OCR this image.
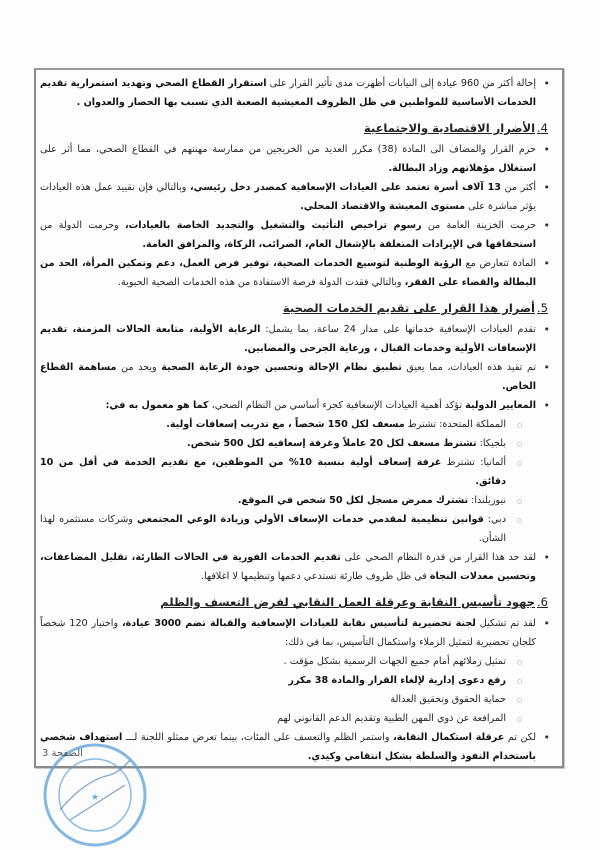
• إحالة أكثر من 960 عيادة إلى النيابات أظهرت مدى تأثير القرار على استقرار القطاع الصحي وتهديد استمرارية تقديم الخدمات الأساسية للمواطنين في ظل الظروف المعيشية الصعبة الذي تسبب بها الحصار والعدوان .
4.الأضرار الاقتصادية والاجتماعية
• حرم القرار والمضاف الى المادة (38) مكرر العديد من الخريجين من ممارسة مهنتهم في القطاع الصحي، مما أثر على استغلال مؤهلاتهم وزاد البطالة.
• أكثر من 13 آلاف أسرة تعتمد على العيادات الإسعافية كمصدر دخل رئيسي، وبالتالي فإن تقييد عمل هذه العيادات يؤثر مباشرة على مستوى المعيشة والاقتصاد المحلي.
• حرمت الخزينة العامة من رسوم تراخيص التأثيث والتشغيل والتجديد الخاصة بالعيادات، وحرمت الدولة من استحقاقها في الإيرادات المتعلقة بالإشغال العام، الضرائب، الزكاة، والمرافق العامة.
• المادة تتعارض مع الرؤية الوطنية لتوسيع الخدمات الصحية، توفير فرص العمل، دعم وتمكين المرأة، الحد من البطالة والقضاء على الفقر، وبالتالي فقدت الدولة فرصة الاستفادة من هذه الخدمات الصحية الحيوية.
5.أضرار هذا القرار على تقديم الخدمات الصحية
• تقدم العيادات الإسعافية خدماتها على مدار 24 ساعة، بما يشمل: الرعاية الأولية، متابعة الحالات المزمنة، تقديم الإسعافات الأولية وخدمات القبال ، ورعاية الجرحى والمصابين.
• تم تقيد هذه العيادات، مما يعيق تطبيق نظام الإحالة وتحسين جودة الرعاية الصحية ويحد من مساهمة القطاع الخاص.
• المعايير الدولية تؤكد أهمية العيادات الإسعافية كجزء أساسي من النظام الصحي، كما هو معمول به في:
○ المملكة المتحدة: تشترط مسعف لكل 150 شخصاً ، مع تدريب إسعافات أولية.
○ بلجيكا: تشترط مسعف لكل 20 عاملاً وغرفة إسعافيه لكل 500 شخص.
○ ألمانيا: تشترط غرفة إسعاف أولية بنسبة 10% من الموظفين، مع تقديم الخدمة في أقل من 10 دقائق.
○ نيوزيلندا: تشترك ممرض مسجل لكل 50 شخص في الموقع.
○ دبي: قوانين تنظيمية لمقدمي خدمات الإسعاف الأولي وزيادة الوعي المجتمعي وشركات مستثمره لهذا الشأن.
• لقد حد هذا القرار من قدرة النظام الصحي على تقديم الخدمات الفورية في الحالات الطارئة، تقليل المضاعفات، وتحسين معدلات النجاة في ظل ظروف طارئة تستدعي دعمها وتنظيمها لا اغلاقها.
6.جهود تأسيس النقابة وعرقلة العمل النقابي لفرض التعسف والظلم
• لقد تم تشكيل لجنة تحضيرية لتأسيس نقابة للعيادات الإسعافية والقبالة تضم 3000 عيادة، واختيار 120 شخصاً كلجان تحضيرية لتمثيل الزملاء واستكمال التأسيس، بما في ذلك:
○ تمثيل زملائهم أمام جميع الجهات الرسمية بشكل مؤقت .
○ رفع دعوى إدارية لإلغاء القرار والمادة 38 مكرر
○ حماية الحقوق وتحقيق العدالة
○ المرافعة عن ذوي المهن الطبية وتقديم الدعم القانوني لهم
• لكن تم عرقلة استكمال النقابة، واستمر الظلم والتعسف على المئات، بينما تعرض ممثلو اللجنة لـــ استهداف شخصي باستخدام النفوذ والسلطة بشكل انتقامي وكيدي.
★
الصفحة 3
